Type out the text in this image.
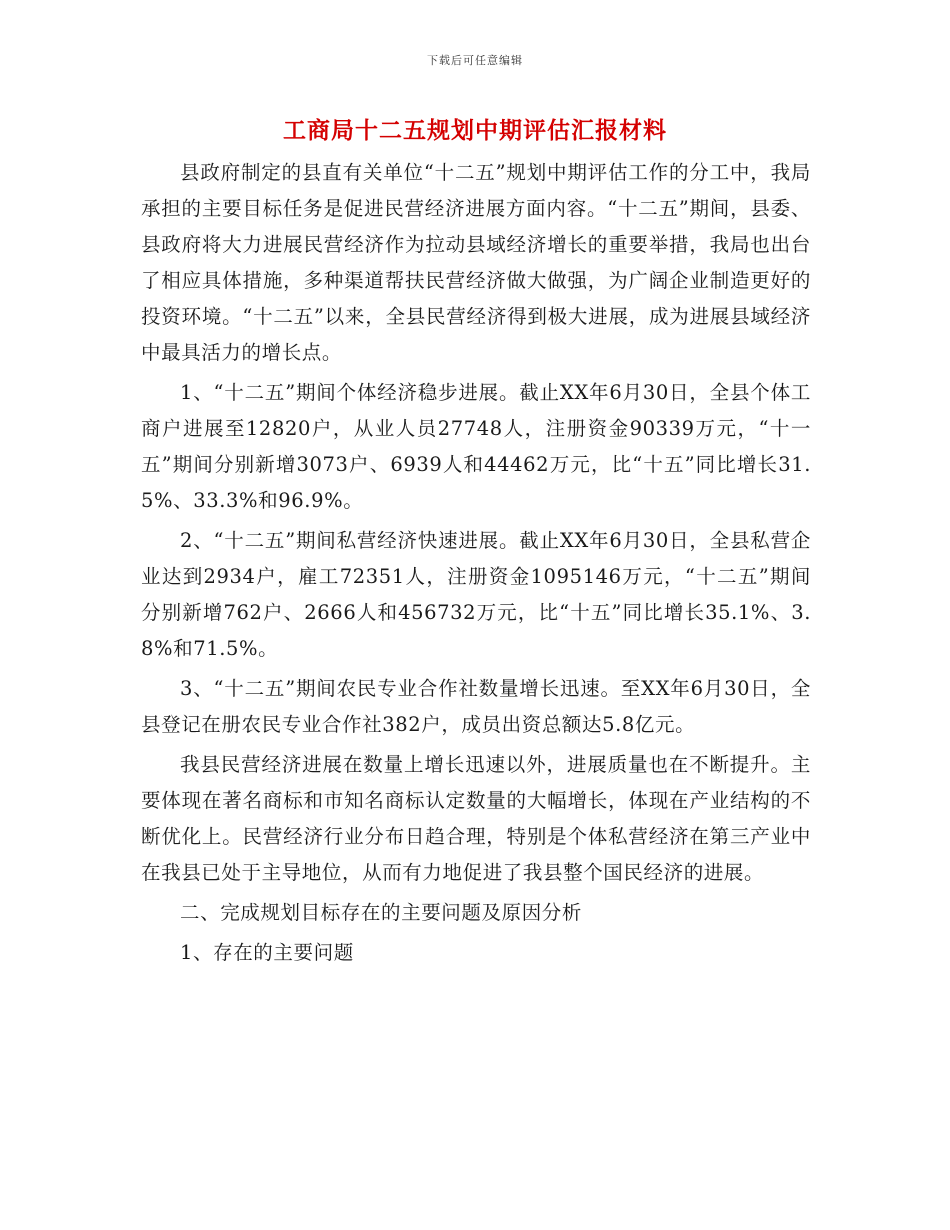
下载后可任意编辑
工商局十二五规划中期评估汇报材料

县政府制定的县直有关单位“十二五”规划中期评估工作的分工中，我局承担的主要目标任务是促进民营经济进展方面内容。“十二五”期间，县委、县政府将大力进展民营经济作为拉动县域经济增长的重要举措，我局也出台了相应具体措施，多种渠道帮扶民营经济做大做强，为广阔企业制造更好的投资环境。“十二五”以来，全县民营经济得到极大进展，成为进展县域经济中最具活力的增长点。

1、“十二五”期间个体经济稳步进展。截止XX年6月30日，全县个体工商户进展至12820户，从业人员27748人，注册资金90339万元，“十一五”期间分别新增3073户、6939人和44462万元，比“十五”同比增长31.5%、33.3%和96.9%。

2、“十二五”期间私营经济快速进展。截止XX年6月30日，全县私营企业达到2934户，雇工72351人，注册资金1095146万元，“十二五”期间分别新增762户、2666人和456732万元，比“十五”同比增长35.1%、3.8%和71.5%。

3、“十二五”期间农民专业合作社数量增长迅速。至XX年6月30日，全县登记在册农民专业合作社382户，成员出资总额达5.8亿元。

我县民营经济进展在数量上增长迅速以外，进展质量也在不断提升。主要体现在著名商标和市知名商标认定数量的大幅增长，体现在产业结构的不断优化上。民营经济行业分布日趋合理，特别是个体私营经济在第三产业中在我县已处于主导地位，从而有力地促进了我县整个国民经济的进展。

二、完成规划目标存在的主要问题及原因分析

1、存在的主要问题
